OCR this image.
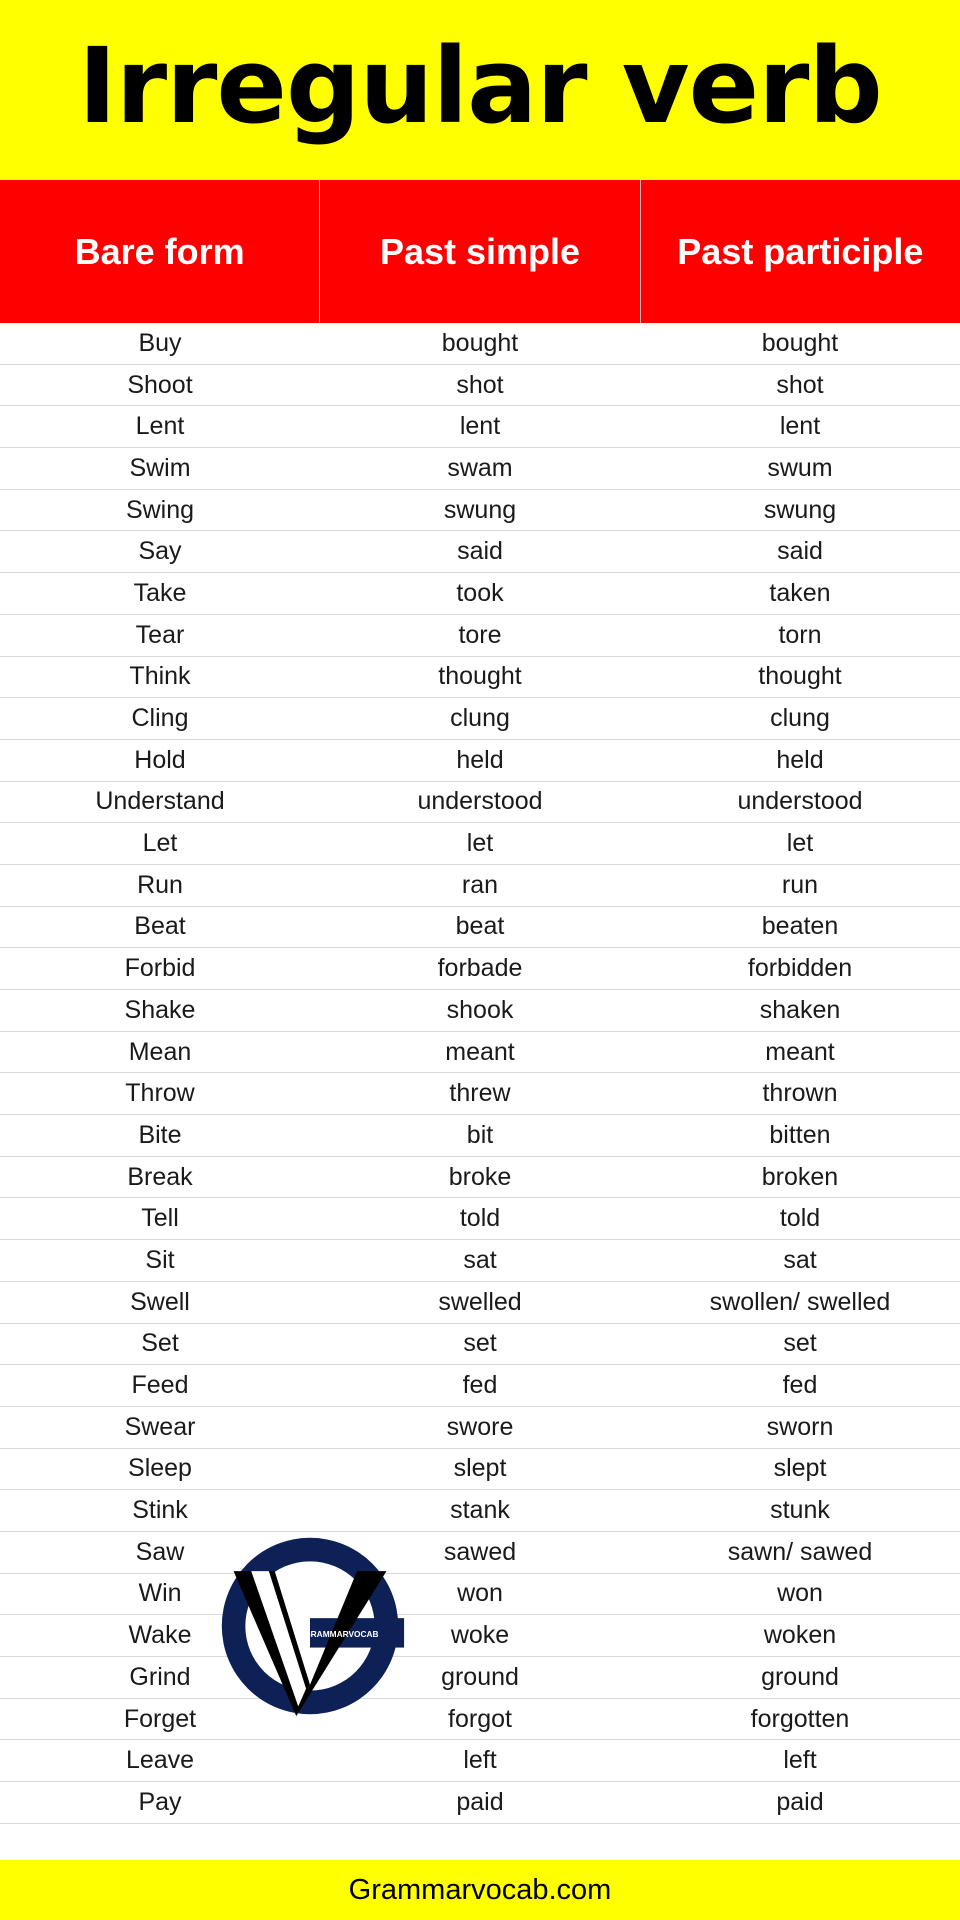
Irregular verb
Bare form	Past simple	Past participle
Buy	bought	bought
Shoot	shot	shot
Lent	lent	lent
Swim	swam	swum
Swing	swung	swung
Say	said	said
Take	took	taken
Tear	tore	torn
Think	thought	thought
Cling	clung	clung
Hold	held	held
Understand	understood	understood
Let	let	let
Run	ran	run
Beat	beat	beaten
Forbid	forbade	forbidden
Shake	shook	shaken
Mean	meant	meant
Throw	threw	thrown
Bite	bit	bitten
Break	broke	broken
Tell	told	told
Sit	sat	sat
Swell	swelled	swollen/ swelled
Set	set	set
Feed	fed	fed
Swear	swore	sworn
Sleep	slept	slept
Stink	stank	stunk
Saw	sawed	sawn/ sawed
Win	won	won
Wake	woke	woken
Grind	ground	ground
Forget	forgot	forgotten
Leave	left	left
Pay	paid	paid
GRAMMARVOCAB
Grammarvocab.com
